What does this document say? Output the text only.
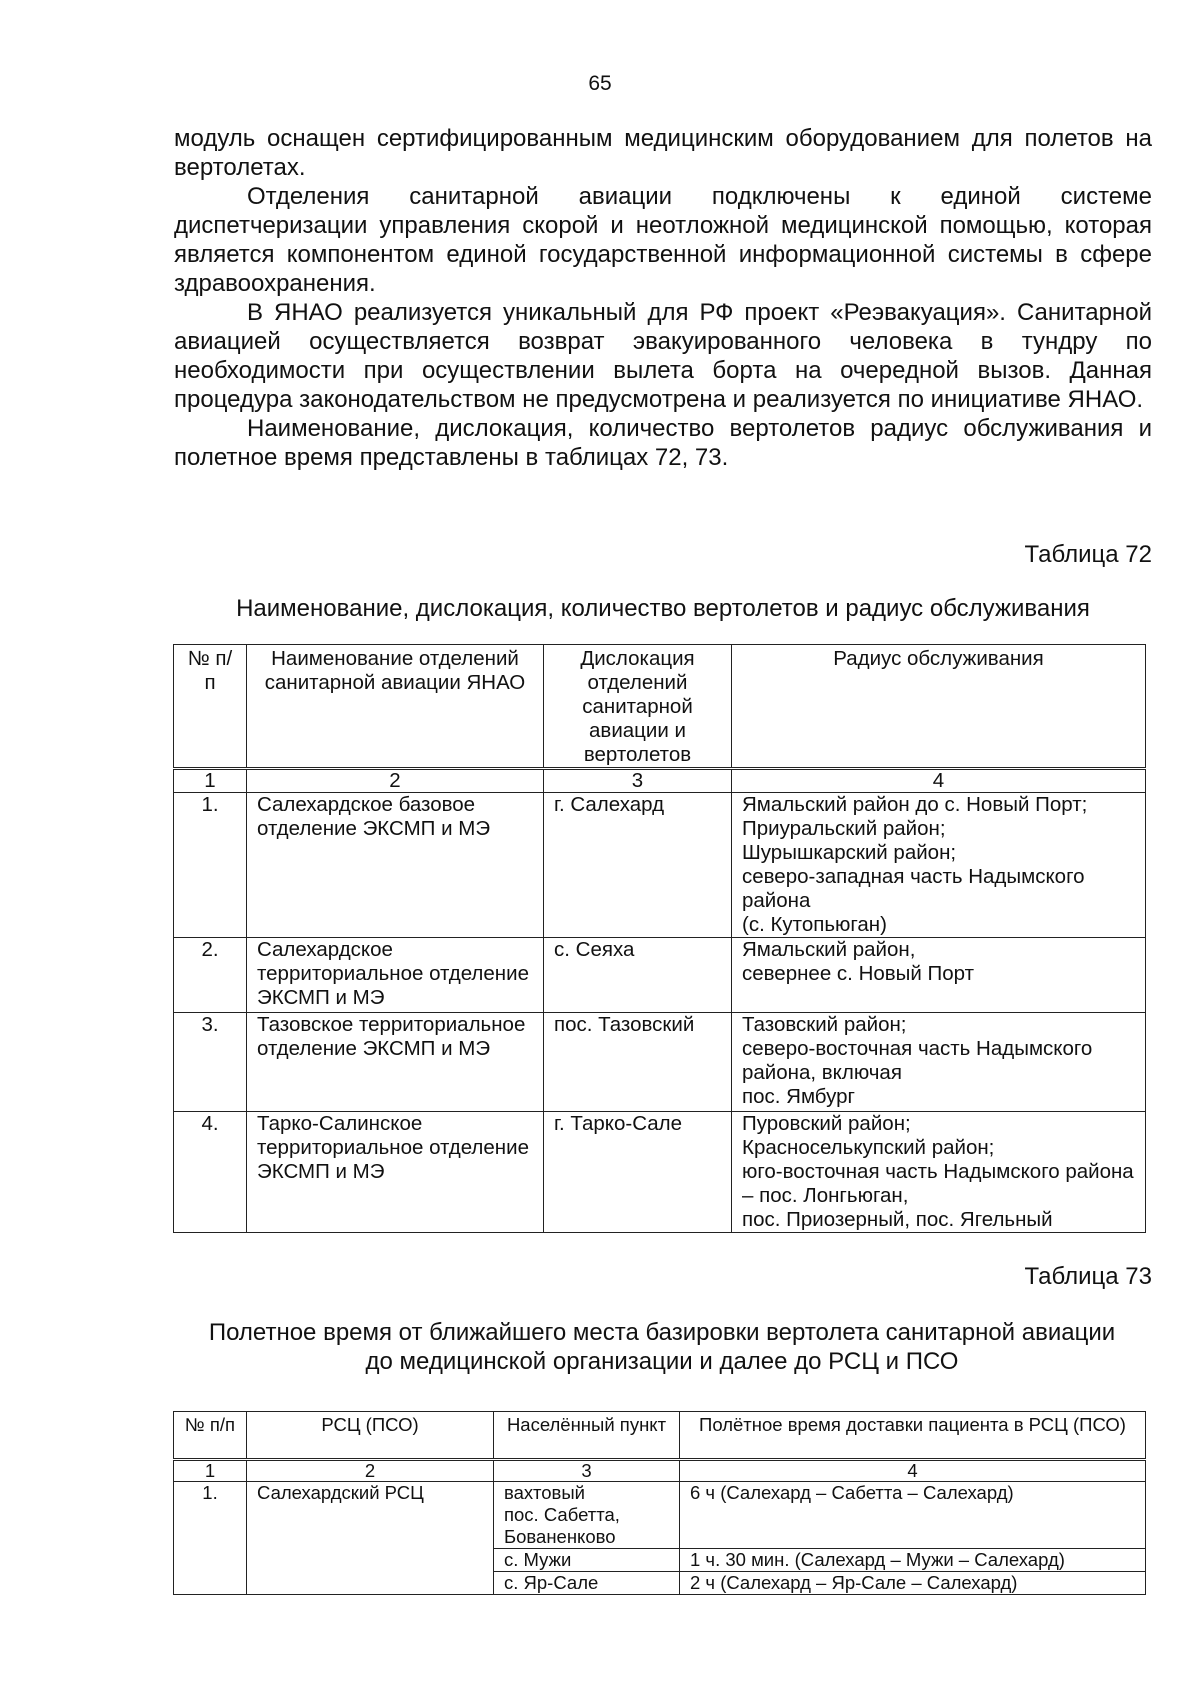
65

модуль оснащен сертифицированным медицинским оборудованием для полетов на вертолетах.

Отделения санитарной авиации подключены к единой системе диспетчеризации управления скорой и неотложной медицинской помощью, которая является компонентом единой государственной информационной системы в сфере здравоохранения.

В ЯНАО реализуется уникальный для РФ проект «Реэвакуация». Санитарной авиацией осуществляется возврат эвакуированного человека в тундру по необходимости при осуществлении вылета борта на очередной вызов. Данная процедура законодательством не предусмотрена и реализуется по инициативе ЯНАО.

Наименование, дислокация, количество вертолетов радиус обслуживания и полетное время представлены в таблицах 72, 73.

Таблица 72
Наименование, дислокация, количество вертолетов и радиус обслуживания
№ п/п	Наименование отделений санитарной авиации ЯНАО	Дислокация отделений санитарной авиации и вертолетов	Радиус обслуживания
1	2	3	4
1.	Салехардское базовое отделение ЭКСМП и МЭ	г. Салехард	Ямальский район до с. Новый Порт;
Приуральский район;
Шурышкарский район;
северо-западная часть Надымского района
(с. Кутопьюган)
2.	Салехардское территориальное отделение ЭКСМП и МЭ	с. Сеяха	Ямальский район,
севернее с. Новый Порт
3.	Тазовское территориальное отделение ЭКСМП и МЭ	пос. Тазовский	Тазовский район;
северо-восточная часть Надымского района, включая
пос. Ямбург
4.	Тарко-Салинское территориальное отделение ЭКСМП и МЭ	г. Тарко-Сале	Пуровский район;
Красноселькупский район;
юго-восточная часть Надымского района – пос. Лонгьюган,
пос. Приозерный, пос. Ягельный
Таблица 73
Полетное время от ближайшего места базировки вертолета санитарной авиации до медицинской организации и далее до РСЦ и ПСО
№ п/п	РСЦ (ПСО)	Населённый пункт	Полётное время доставки пациента в РСЦ (ПСО)
1	2	3	4
1.	Салехардский РСЦ	вахтовый
пос. Сабетта,
Бованенково	6 ч (Салехард – Сабетта – Салехард)
		с. Мужи	1 ч. 30 мин. (Салехард – Мужи – Салехард)
		с. Яр-Сале	2 ч (Салехард – Яр-Сале – Салехард)
